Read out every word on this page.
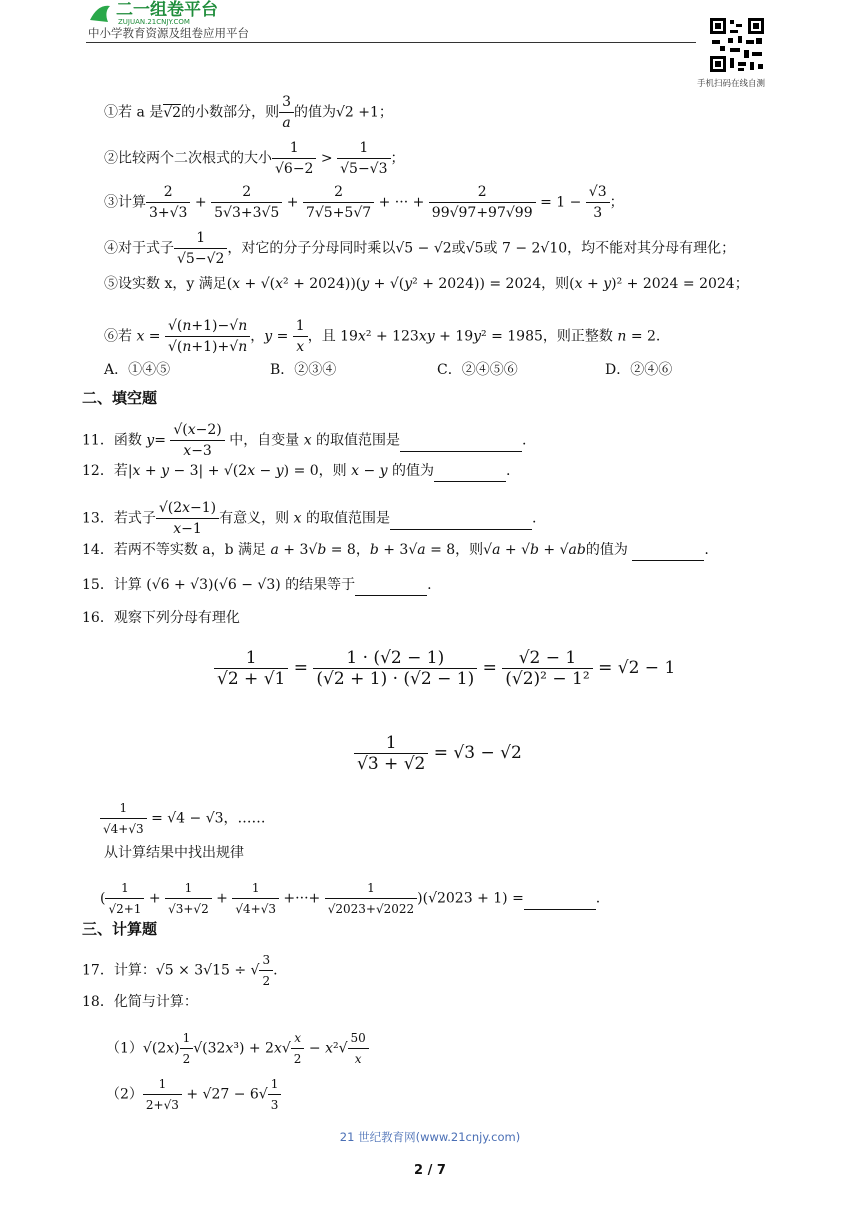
二一组卷平台
ZUJUAN.21CNJY.COM
中小学教育资源及组卷应用平台
手机扫码在线自测
①若 a 是√2的小数部分，则 $\frac{3}{a}$ 的值为√2 +1；
②比较两个二次根式的大小 $\frac{1}{√6-2} > \frac{1}{√5-√3}$ ；
③计算 $\frac{2}{3+√3} + \frac{2}{5√3+3√5} + \frac{2}{7√5+5√7}$ + ··· + $\frac{2}{99√97+97√99} = 1 - \frac{√3}{3}$ ；
④对于式子 $\frac{1}{√5-√2}$ ，对它的分子分母同时乘以√5 − √2或√5或 7 − 2√10，均不能对其分母有理化；
⑤设实数 x，y 满足(x + √(x² + 2024))(y + √(y² + 2024)) = 2024，则(x + y)² + 2024 = 2024；
⑥若 $x = \frac{√(n+1)-√n}{√(n+1)+√n}$ ，$y = \frac{1}{x}$ ，且 19x² + 123xy + 19y² = 1985，则正整数 n = 2.
A．①④⑤	B．②③④	C．②④⑤⑥	D．②④⑥
二、填空题
11．函数 $y= \frac{√(x-2)}{x-3}$ 中，自变量 x 的取值范围是	.
12．若|x + y − 3| + √(2x − y) = 0，则 x − y 的值为	.
13．若式子 $\frac{√(2x-1)}{x-1}$ 有意义，则 x 的取值范围是	.
14．若两不等实数 a，b 满足 a + 3√b = 8，b + 3√a = 8，则√a + √b + √ab的值为	.
15．计算 (√6 + √3)(√6 − √3) 的结果等于	.
16．观察下列分母有理化
$\frac{1}{√2 + √1} = \frac{1 \cdot (√2 - 1)}{(√2 + 1) \cdot (√2 - 1)} = \frac{√2 - 1}{\text{(√2)² − 1²}} = √2 - 1$
$\frac{1}{√3 + √2} = √3 - √2$
$\frac{1}{√4+√3} = √4 - √3$，……
从计算结果中找出规律
( $\frac{1}{√2+1} + \frac{1}{√3+√2} + \frac{1}{√4+√3}$ +···+ $\frac{1}{√2023+√2022} )(√2023 + 1)$ =	.
三、计算题
17．计算：√5 × 3√15 ÷ √ $\frac{3}{2}$ .
18．化简与计算：
$(1)√(2x) \frac{1}{2} √(32x^3) + 2x√ \frac{x}{2} - x^2√ \frac{50}{x}$
$(2) \frac{1}{2+√3} + √27 - 6√ \frac{1}{3}$
21 世纪教育网(www.21cnjy.com)
2 / 7
